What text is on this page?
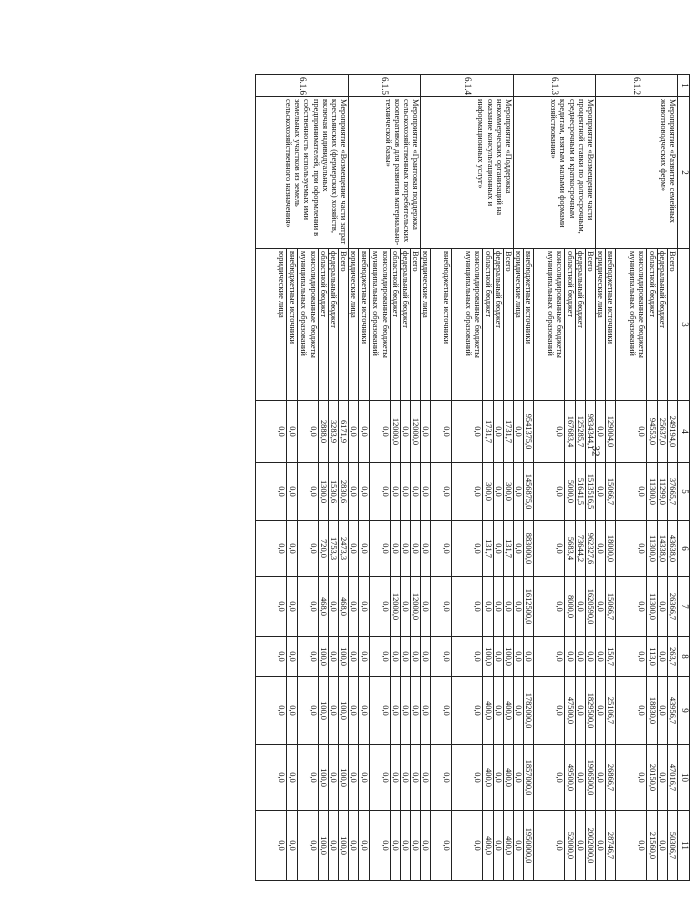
32
1	2	3	4	5	6	7	8	9	10	11
6.1.2	Мероприятие «Развитие семейных животноводческих ферм»	Всего	249194,0	37665,7	43638,0	26366,7	263,7	43956,7	47016,7	50306,7
		федеральный бюджет	25637,0	11299,0	14338,0	0,0	0,0	0,0	0,0	0,0
		областной бюджет	94553,0	11300,0	11300,0	11300,0	113,0	18830,0	20150,0	21560,0
		консолидированные бюджеты муниципальных образований	0,0	0,0	0,0	0,0	0,0	0,0	0,0	0,0
		внебюджетные источники	129004,0	15066,7	18000,0	15066,7	150,7	25106,7	26866,7	28746,7
		юридические лица	0,0	0,0	0,0	0,0	0,0	0,0	0,0	0,0
6.1.3	Мероприятие «Возмещение части процентной ставки по долгосрочным, среднесрочным и краткосрочным кредитам, взятым малыми формами хозяйствования»	Всего	9834344,1	1513516,5	962327,6	1620590,0	0,0	1829500,0	1906500,0	2002000,0
		федеральный бюджет	125285,7	51641,5	73644,2	0,0	0,0	0,0	0,0	0,0
		областной бюджет	167683,4	5000,0	5683,4	8000,0	0,0	47500,0	49500,0	52000,0
		консолидированные бюджеты муниципальных образований	0,0	0,0	0,0	0,0	0,0	0,0	0,0	0,0
		внебюджетные источники	9541375,0	1456875,0	883000,0	1612500,0	0,0	1782000,0	1857000,0	1950000,0
		юридические лица	0,0	0,0	0,0	0,0	0,0	0,0	0,0	0,0
6.1.4	Мероприятие «Поддержка некоммерческих организаций на оказание консультационных и информационных услуг»	Всего	1731,7	300,0	131,7	0,0	100,0	400,0	400,0	400,0
		федеральный бюджет	0,0	0,0	0,0	0,0	0,0	0,0	0,0	0,0
		областной бюджет	1731,7	300,0	131,7	0,0	100,0	400,0	400,0	400,0
		консолидированные бюджеты муниципальных образований	0,0	0,0	0,0	0,0	0,0	0,0	0,0	0,0
		внебюджетные источники	0,0	0,0	0,0	0,0	0,0	0,0	0,0	0,0
		юридические лица	0,0	0,0	0,0	0,0	0,0	0,0	0,0	0,0
6.1.5	Мероприятие «Грантовая поддержка сельскохозяйственных потребительских кооперативов для развития материально-технической базы»	Всего	12000,0	0,0	0,0	12000,0	0,0	0,0	0,0	0,0
		федеральный бюджет	0,0	0,0	0,0	0,0	0,0	0,0	0,0	0,0
		областной бюджет	12000,0	0,0	0,0	12000,0	0,0	0,0	0,0	0,0
		консолидированные бюджеты муниципальных образований	0,0	0,0	0,0	0,0	0,0	0,0	0,0	0,0
		внебюджетные источники	0,0	0,0	0,0	0,0	0,0	0,0	0,0	0,0
		юридические лица	0,0	0,0	0,0	0,0	0,0	0,0	0,0	0,0
6.1.6	Мероприятие «Возмещение части затрат крестьянских (фермерских) хозяйств, включая индивидуальных предпринимателей, при оформлении в собственность используемых ими земельных участков из земель сельскохозяйственного назначения»	Всего	6171,9	2830,6	2473,3	468,0	100,0	100,0	100,0	100,0
		федеральный бюджет	3283,9	1530,6	1753,3	0,0	0,0	0,0	0,0	0,0
		областной бюджет	2888,0	1300,0	720,0	468,0	100,0	100,0	100,0	100,0
		консолидированные бюджеты муниципальных образований	0,0	0,0	0,0	0,0	0,0	0,0	0,0	0,0
		внебюджетные источники	0,0	0,0	0,0	0,0	0,0	0,0	0,0	0,0
		юридические лица	0,0	0,0	0,0	0,0	0,0	0,0	0,0	0,0
